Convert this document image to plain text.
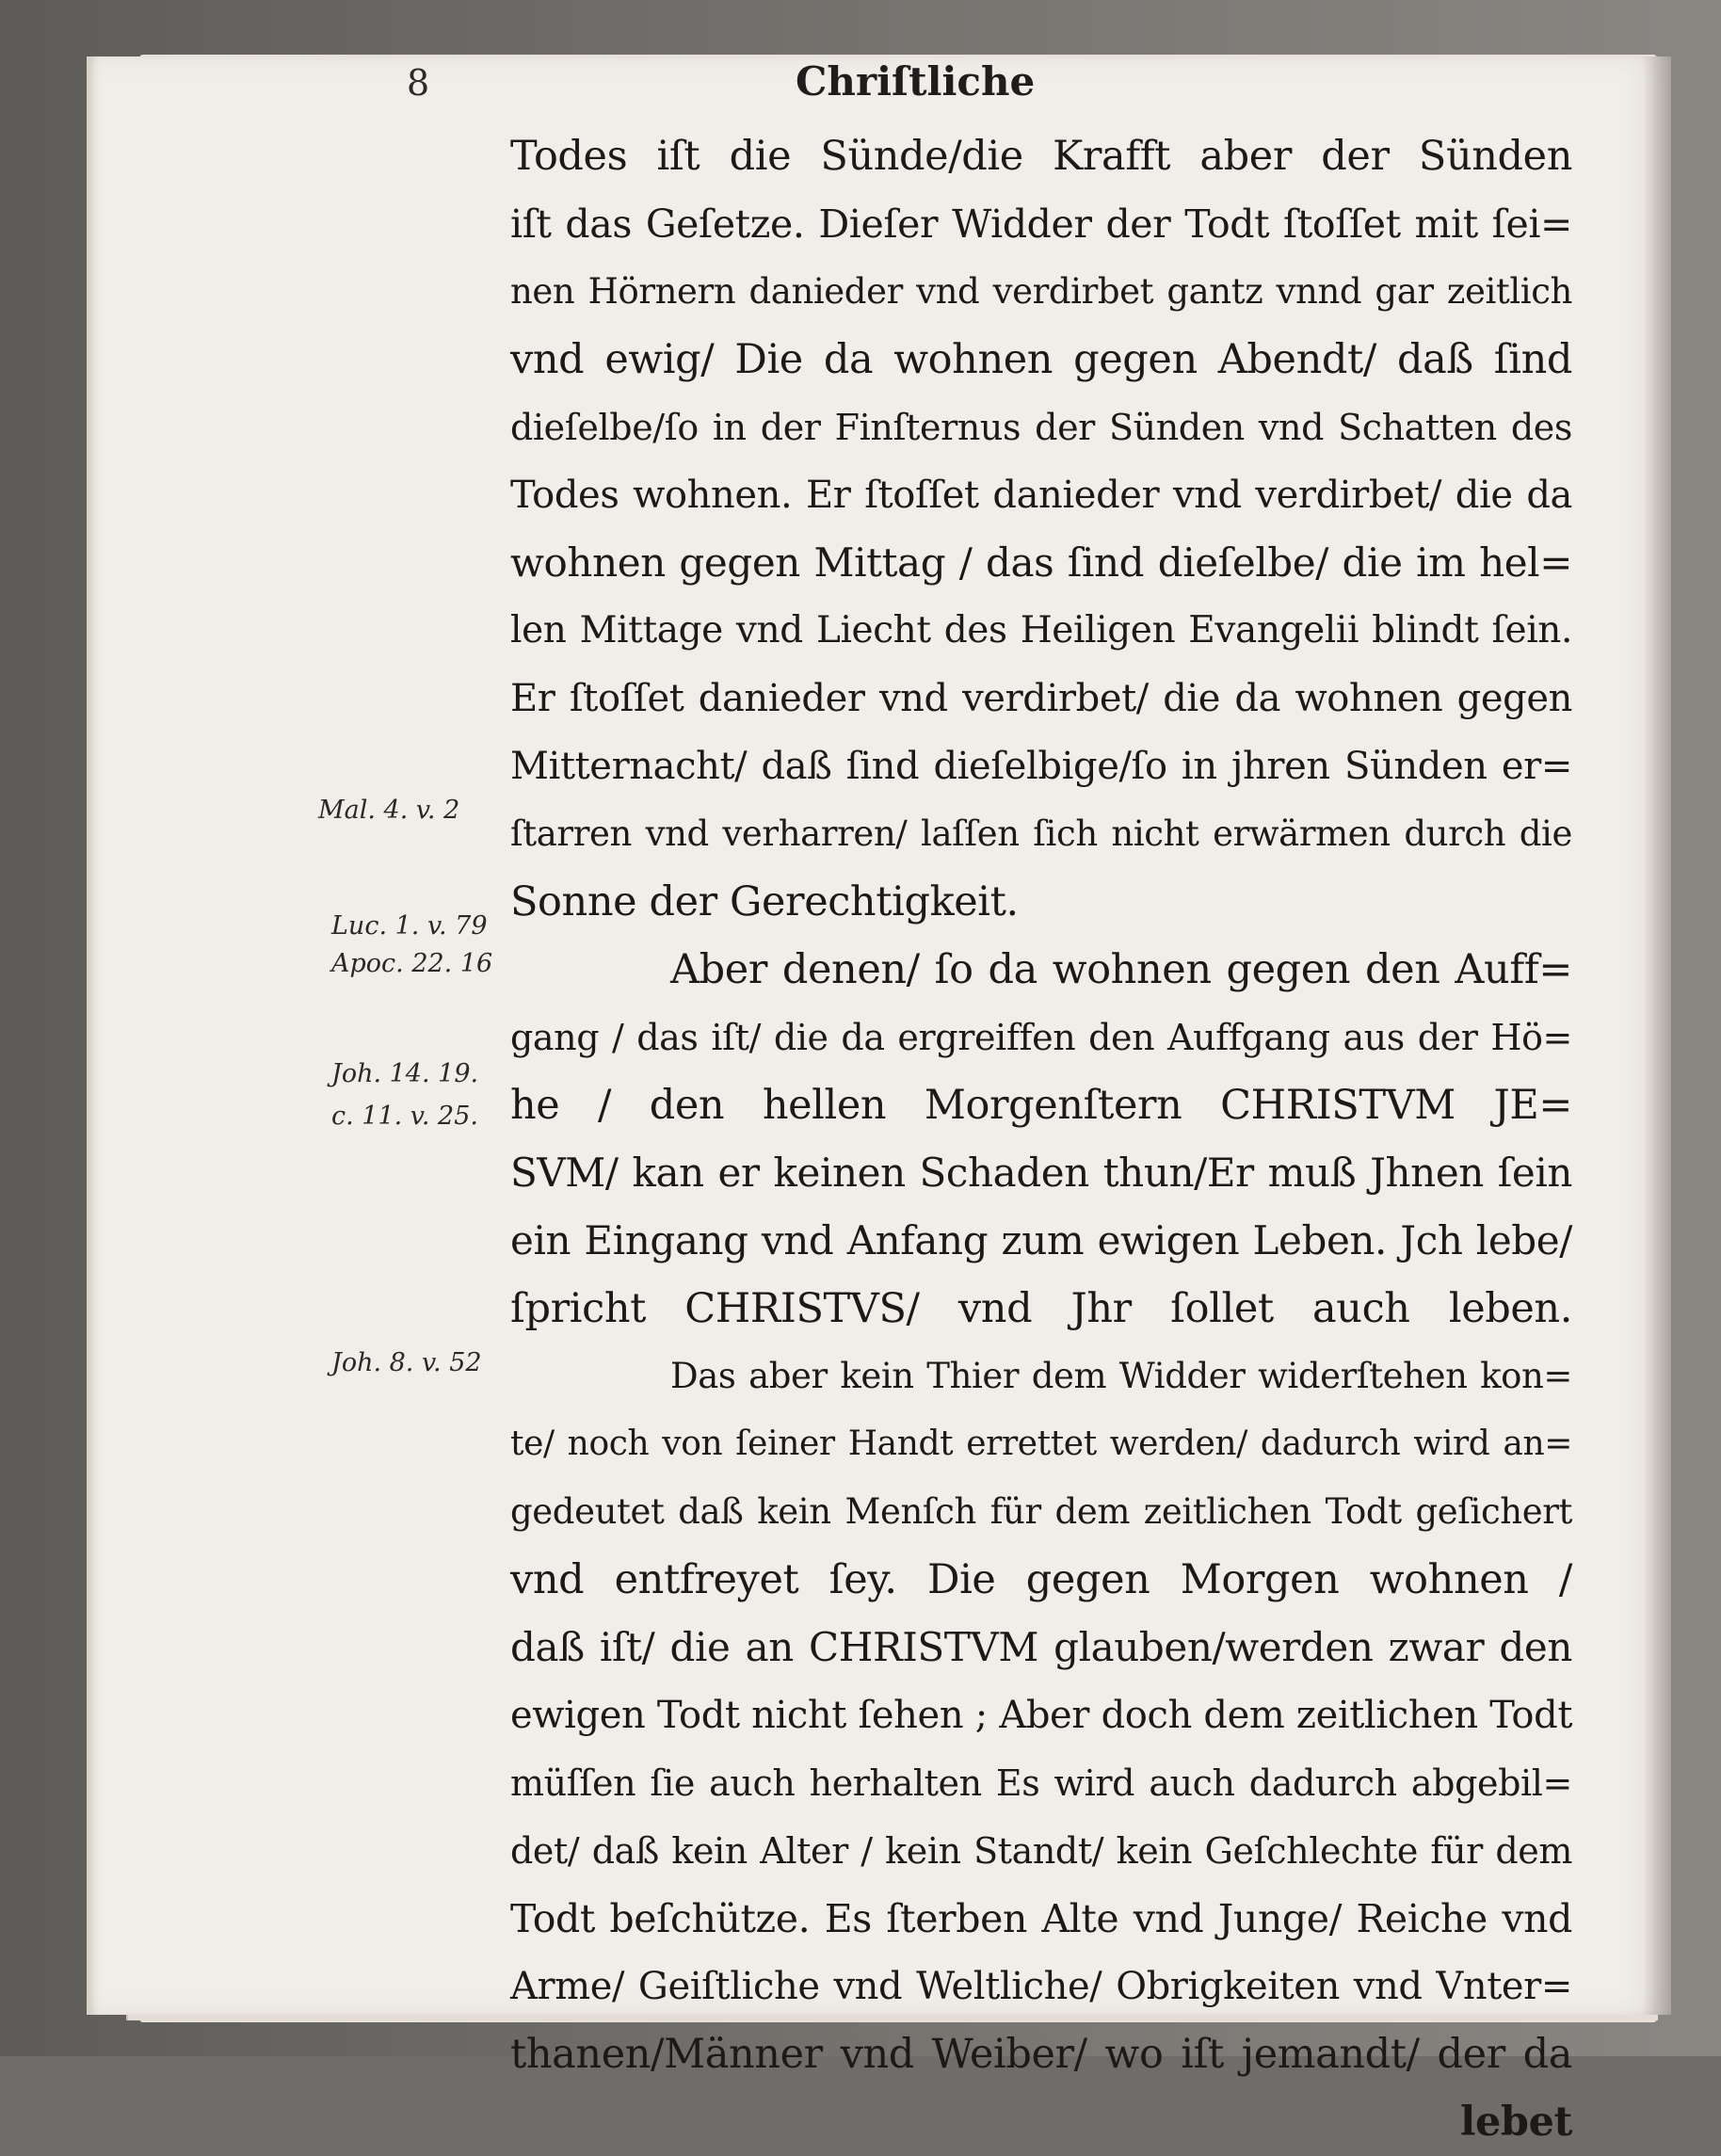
8	Chriſtliche
Mal. 4. v. 2
Luc. 1. v. 79
Apoc. 22. 16
Joh. 14. 19.
c. 11. v. 25.
Joh. 8. v. 52
Todes iſt die Sünde/die Krafft aber der Sünden
iſt das Geſetze. Dieſer Widder der Todt ſtoſſet mit ſei=
nen Hörnern danieder vnd verdirbet gantz vnnd gar zeitlich
vnd ewig/ Die da wohnen gegen Abendt/ daß ſind
dieſelbe/ſo in der Finſternus der Sünden vnd Schatten des
Todes wohnen. Er ſtoſſet danieder vnd verdirbet/ die da
wohnen gegen Mittag / das ſind dieſelbe/ die im hel=
len Mittage vnd Liecht des Heiligen Evangelii blindt ſein.
Er ſtoſſet danieder vnd verdirbet/ die da wohnen gegen
Mitternacht/ daß ſind dieſelbige/ſo in jhren Sünden er=
ſtarren vnd verharren/ laſſen ſich nicht erwärmen durch die
Sonne der Gerechtigkeit.
Aber denen/ ſo da wohnen gegen den Auff=
gang / das iſt/ die da ergreiffen den Auffgang aus der Hö=
he / den hellen Morgenſtern CHRISTVM JE=
SVM/ kan er keinen Schaden thun/Er muß Jhnen ſein
ein Eingang vnd Anfang zum ewigen Leben. Jch lebe/
ſpricht CHRISTVS/ vnd Jhr ſollet auch leben.
Das aber kein Thier dem Widder widerſtehen kon=
te/ noch von ſeiner Handt errettet werden/ dadurch wird an=
gedeutet daß kein Menſch für dem zeitlichen Todt geſichert
vnd entfreyet ſey. Die gegen Morgen wohnen /
daß iſt/ die an CHRISTVM glauben/werden zwar den
ewigen Todt nicht ſehen ; Aber doch dem zeitlichen Todt
müſſen ſie auch herhalten Es wird auch dadurch abgebil=
det/ daß kein Alter / kein Standt/ kein Geſchlechte für dem
Todt beſchütze. Es ſterben Alte vnd Junge/ Reiche vnd
Arme/ Geiſtliche vnd Weltliche/ Obrigkeiten vnd Vnter=
thanen/Männer vnd Weiber/ wo iſt jemandt/ der da
lebet
